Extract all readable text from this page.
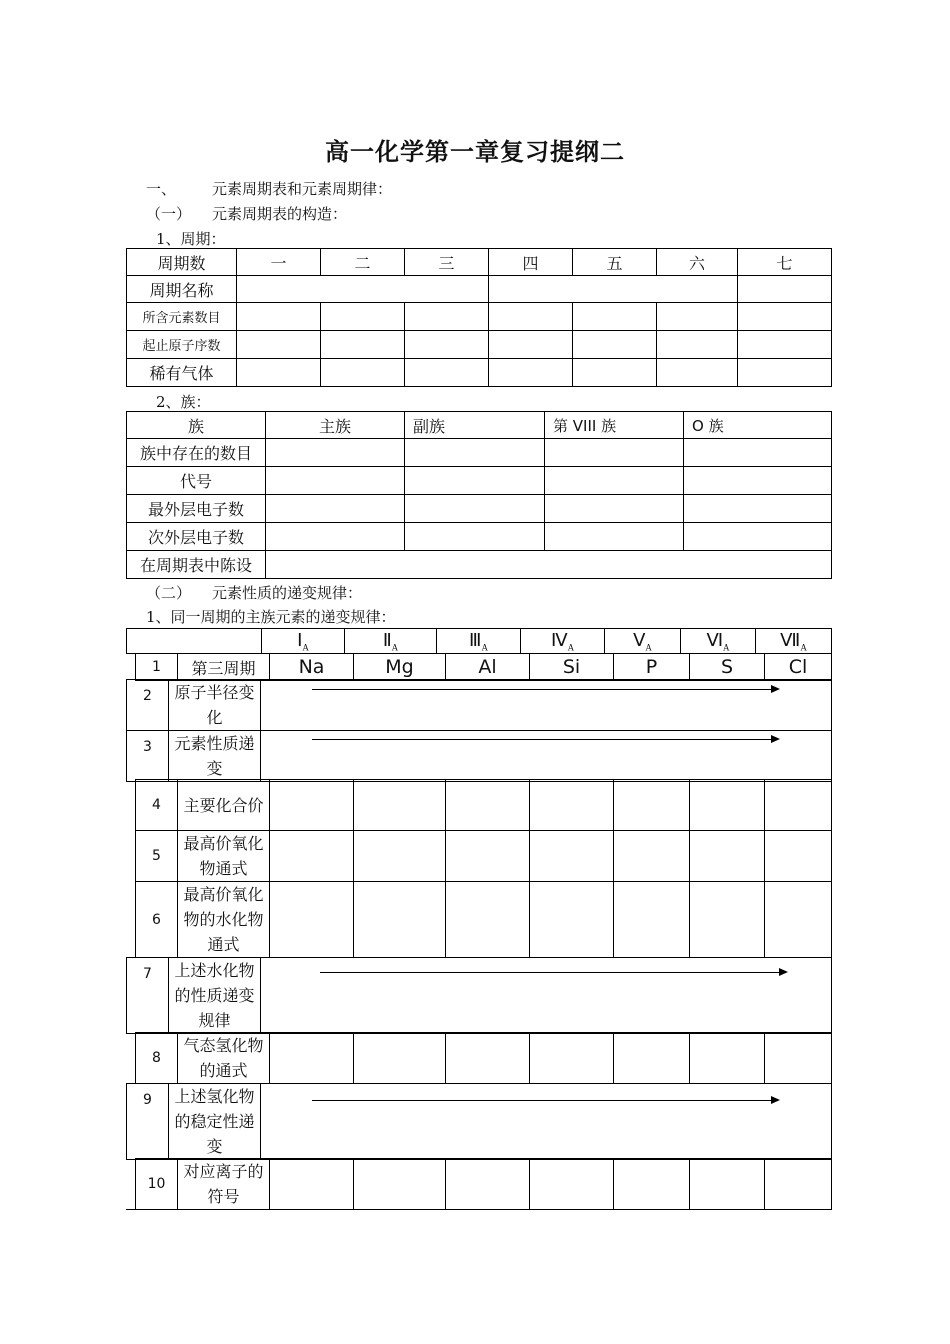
高一化学第一章复习提纲二
一、 元素周期表和元素周期律：
（一） 元素周期表的构造：
1、周期：
周期数	一	二	三	四	五	六	七
周期名称							
所含元素数目							
起止原子序数							
稀有气体							
2、族：
族	主族	副族	第 VIII 族	O 族
族中存在的数目				
代号				
最外层电子数				
次外层电子数				
在周期表中陈设				
（二） 元素性质的递变规律：
1、同一周期的主族元素的递变规律：
	$Ⅰ_A$	$Ⅱ_A$	$Ⅲ_A$	$Ⅳ_A$	$Ⅴ_A$	$Ⅵ_A$	$Ⅶ_A$
1	第三周期	Na	Mg	Al	Si	P	S	Cl
2	原子半径变化	
3	元素性质递变	
4	主要化合价							
5	最高价氧化物通式							
6	最高价氧化物的水化物通式							
7	上述水化物的性质递变规律	
8	气态氢化物的通式							
9	上述氢化物的稳定性递变	
10	对应离子的符号							
